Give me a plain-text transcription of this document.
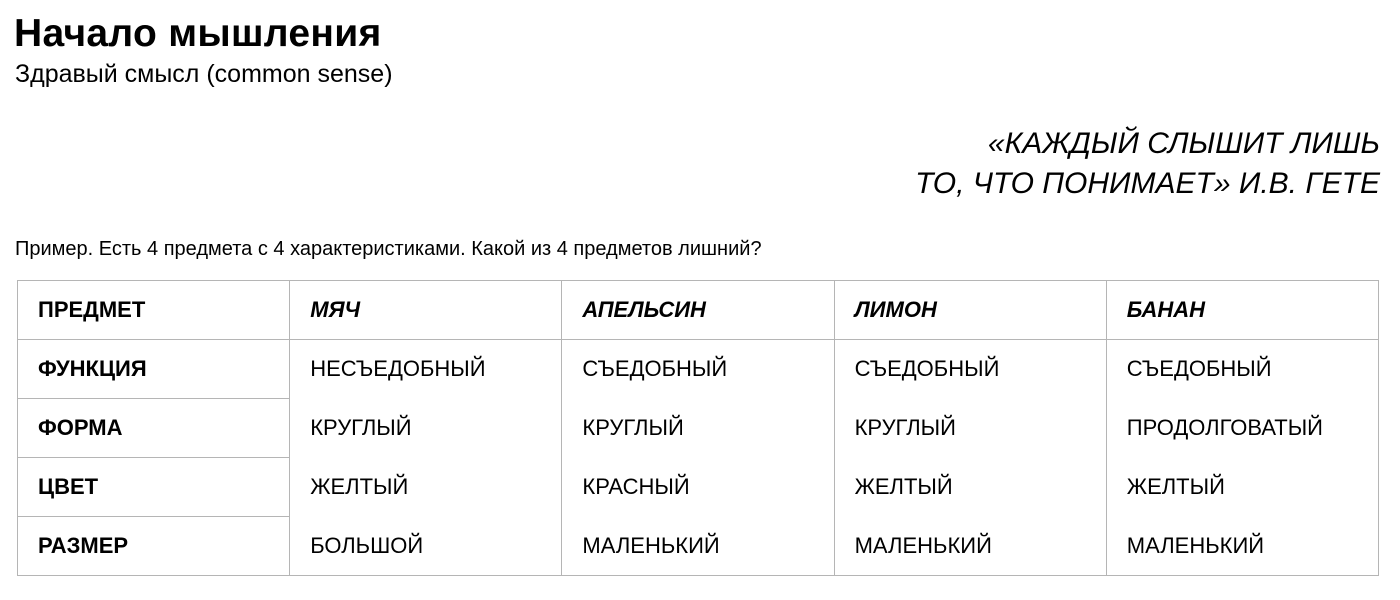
Начало мышления
Здравый смысл (common sense)
«КАЖДЫЙ СЛЫШИТ ЛИШЬ
ТО, ЧТО ПОНИМАЕТ» И.В. ГЕТЕ
Пример. Есть 4 предмета с 4 характеристиками. Какой из 4 предметов лишний?
ПРЕДМЕТ	МЯЧ	АПЕЛЬСИН	ЛИМОН	БАНАН
ФУНКЦИЯ	НЕСЪЕДОБНЫЙ	СЪЕДОБНЫЙ	СЪЕДОБНЫЙ	СЪЕДОБНЫЙ
ФОРМА	КРУГЛЫЙ	КРУГЛЫЙ	КРУГЛЫЙ	ПРОДОЛГОВАТЫЙ
ЦВЕТ	ЖЕЛТЫЙ	КРАСНЫЙ	ЖЕЛТЫЙ	ЖЕЛТЫЙ
РАЗМЕР	БОЛЬШОЙ	МАЛЕНЬКИЙ	МАЛЕНЬКИЙ	МАЛЕНЬКИЙ
